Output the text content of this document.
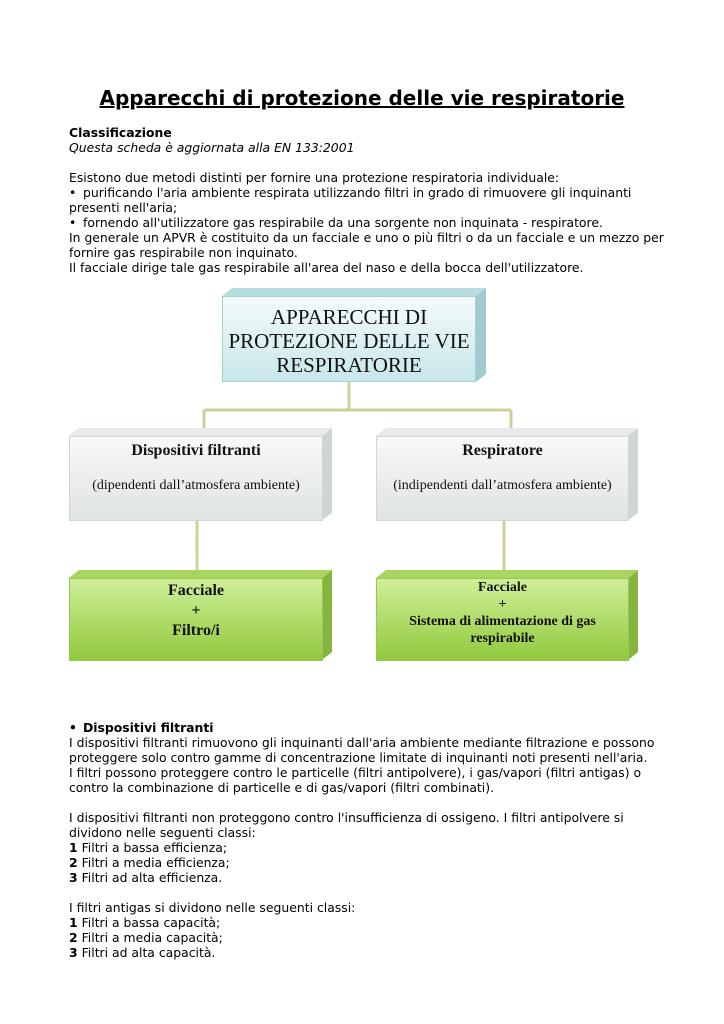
Apparecchi di protezione delle vie respiratorie

Classificazione

Questa scheda è aggiornata alla EN 133:2001

Esistono due metodi distinti per fornire una protezione respiratoria individuale:

• purificando l'aria ambiente respirata utilizzando filtri in grado di rimuovere gli inquinanti presenti nell'aria;

• fornendo all'utilizzatore gas respirabile da una sorgente non inquinata - respiratore.

In generale un APVR è costituito da un facciale e uno o più filtri o da un facciale e un mezzo per fornire gas respirabile non inquinato.

Il facciale dirige tale gas respirabile all'area del naso e della bocca dell'utilizzatore.

APPARECCHI DI
PROTEZIONE DELLE VIE
RESPIRATORIE
Dispositivi filtranti
(dipendenti dall’atmosfera ambiente)
Respiratore
(indipendenti dall’atmosfera ambiente)
Facciale
+
Filtro/i
Facciale
+
Sistema di alimentazione di gas
respirabile

• Dispositivi filtranti

I dispositivi filtranti rimuovono gli inquinanti dall'aria ambiente mediante filtrazione e possono proteggere solo contro gamme di concentrazione limitate di inquinanti noti presenti nell'aria.

I filtri possono proteggere contro le particelle (filtri antipolvere), i gas/vapori (filtri antigas) o contro la combinazione di particelle e di gas/vapori (filtri combinati).

I dispositivi filtranti non proteggono contro l'insufficienza di ossigeno. I filtri antipolvere si dividono nelle seguenti classi:

1 Filtri a bassa efficienza;

2 Filtri a media efficienza;

3 Filtri ad alta efficienza.

I filtri antigas si dividono nelle seguenti classi:

1 Filtri a bassa capacità;

2 Filtri a media capacità;

3 Filtri ad alta capacità.
